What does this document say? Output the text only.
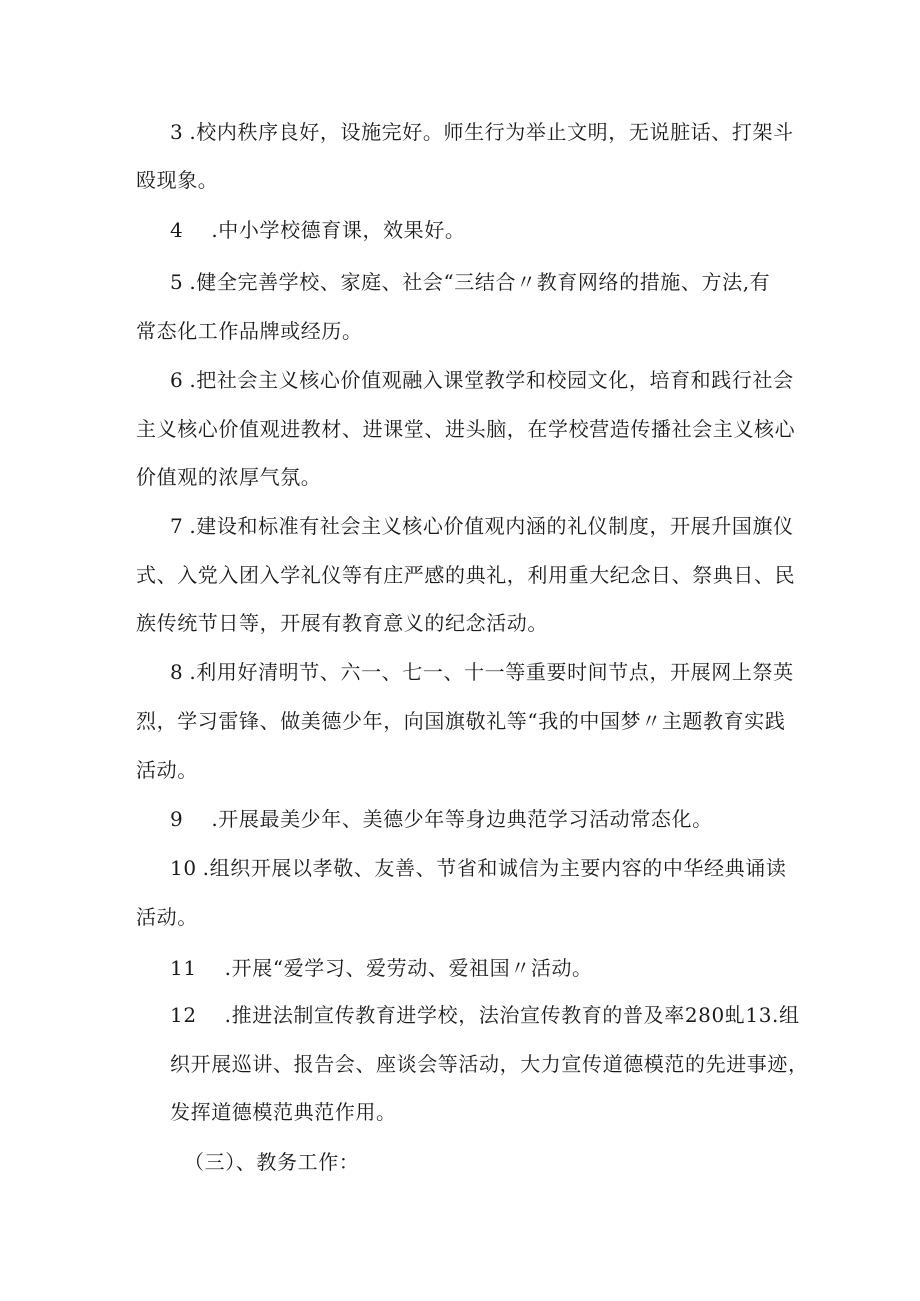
3 .校内秩序良好，设施完好。师生行为举止文明，无说脏话、打架斗
殴现象。
4 .中小学校德育课，效果好。
5 .健全完善学校、家庭、社会“三结合〃教育网络的措施、方法,有
常态化工作品牌或经历。
6 .把社会主义核心价值观融入课堂教学和校园文化，培育和践行社会
主义核心价值观进教材、进课堂、进头脑，在学校营造传播社会主义核心
价值观的浓厚气氛。
7 .建设和标准有社会主义核心价值观内涵的礼仪制度，开展升国旗仪
式、入党入团入学礼仪等有庄严感的典礼，利用重大纪念日、祭典日、民
族传统节日等，开展有教育意义的纪念活动。
8 .利用好清明节、六一、七一、十一等重要时间节点，开展网上祭英
烈，学习雷锋、做美德少年，向国旗敬礼等“我的中国梦〃主题教育实践
活动。
9 .开展最美少年、美德少年等身边典范学习活动常态化。
10 .组织开展以孝敬、友善、节省和诚信为主要内容的中华经典诵读
活动。
11 .开展“爱学习、爱劳动、爱祖国〃活动。
12 .推进法制宣传教育进学校，法治宣传教育的普及率280虬13.组
织开展巡讲、报告会、座谈会等活动，大力宣传道德模范的先进事迹，
发挥道德模范典范作用。
（三）、教务工作：
